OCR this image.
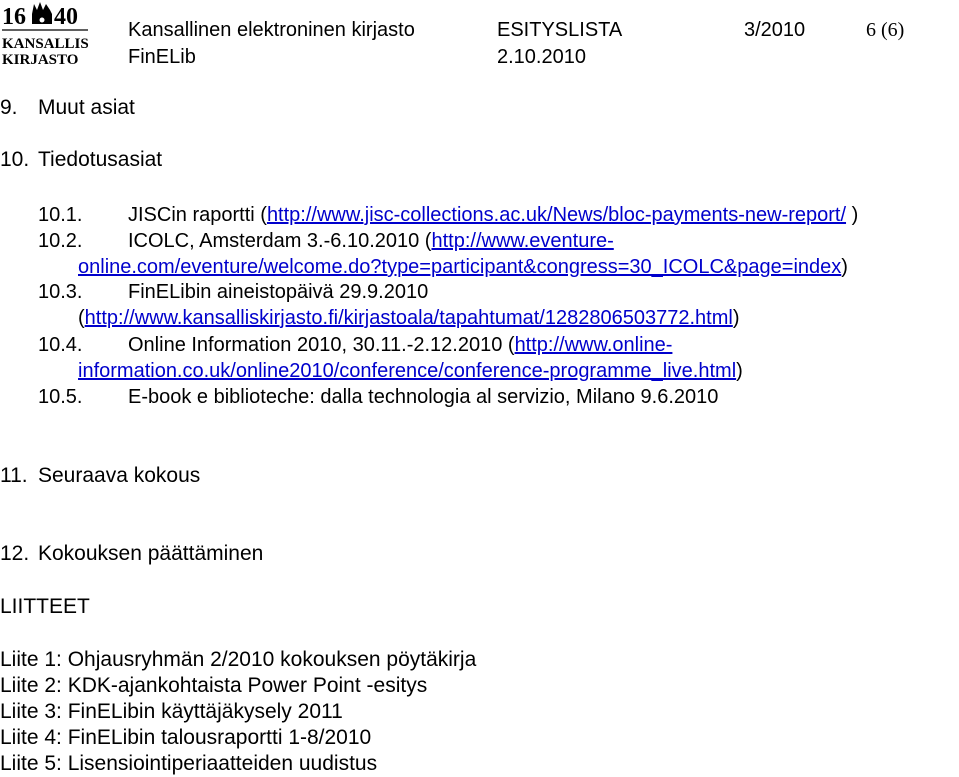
16 40
KANSALLIS
KIRJASTO
Kansallinen elektroninen kirjasto	ESITYSLISTA	3/2010	6 (6)
FinELib	2.10.2010
9. Muut asiat
10. Tiedotusasiat
10.1. JISCin raportti (http://www.jisc-collections.ac.uk/News/bloc-payments-new-report/ )
10.2. ICOLC, Amsterdam 3.-6.10.2010 (http://www.eventure-
online.com/eventure/welcome.do?type=participant&congress=30_ICOLC&page=index)
10.3. FinELibin aineistopäivä 29.9.2010
(http://www.kansalliskirjasto.fi/kirjastoala/tapahtumat/1282806503772.html)
10.4. Online Information 2010, 30.11.-2.12.2010 (http://www.online-
information.co.uk/online2010/conference/conference-programme_live.html)
10.5. E-book e biblioteche: dalla technologia al servizio, Milano 9.6.2010
11. Seuraava kokous
12. Kokouksen päättäminen
LIITTEET
Liite 1: Ohjausryhmän 2/2010 kokouksen pöytäkirja
Liite 2: KDK-ajankohtaista Power Point -esitys
Liite 3: FinELibin käyttäjäkysely 2011
Liite 4: FinELibin talousraportti 1-8/2010
Liite 5: Lisensiointiperiaatteiden uudistus
